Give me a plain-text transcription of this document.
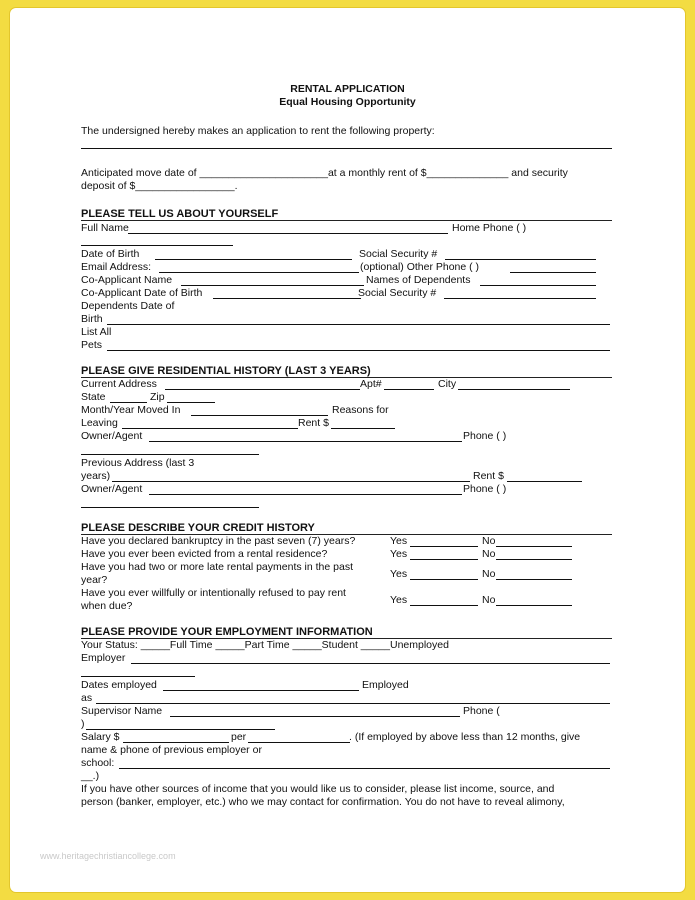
RENTAL APPLICATION
Equal Housing Opportunity
The undersigned hereby makes an application to rent the following property:
Anticipated move date of ______________________at a monthly rent of $______________ and security
deposit of $_________________.
PLEASE TELL US ABOUT YOURSELF
Full Name	Home Phone ( )
Date of Birth	Social Security #
Email Address:	(optional) Other Phone ( )
Co-Applicant Name	Names of Dependents
Co-Applicant Date of Birth	Social Security #
Dependents Date of
Birth
List All
Pets
PLEASE GIVE RESIDENTIAL HISTORY (LAST 3 YEARS)
Current Address	Apt#	City
State	Zip
Month/Year Moved In	Reasons for
Leaving	Rent $
Owner/Agent	Phone ( )
Previous Address (last 3
years)	Rent $
Owner/Agent	Phone ( )
PLEASE DESCRIBE YOUR CREDIT HISTORY
Have you declared bankruptcy in the past seven (7) years?	Yes	No
Have you ever been evicted from a rental residence?	Yes	No
Have you had two or more late rental payments in the past
year?	Yes	No
Have you ever willfully or intentionally refused to pay rent
when due?	Yes	No
PLEASE PROVIDE YOUR EMPLOYMENT INFORMATION
Your Status: _____Full Time _____Part Time _____Student _____Unemployed
Employer
Dates employed	Employed
as
Supervisor Name	Phone (
)
Salary $	per	. (If employed by above less than 12 months, give
name & phone of previous employer or
school:
__.)
If you have other sources of income that you would like us to consider, please list income, source, and
person (banker, employer, etc.) who we may contact for confirmation. You do not have to reveal alimony,
www.heritagechristiancollege.com
